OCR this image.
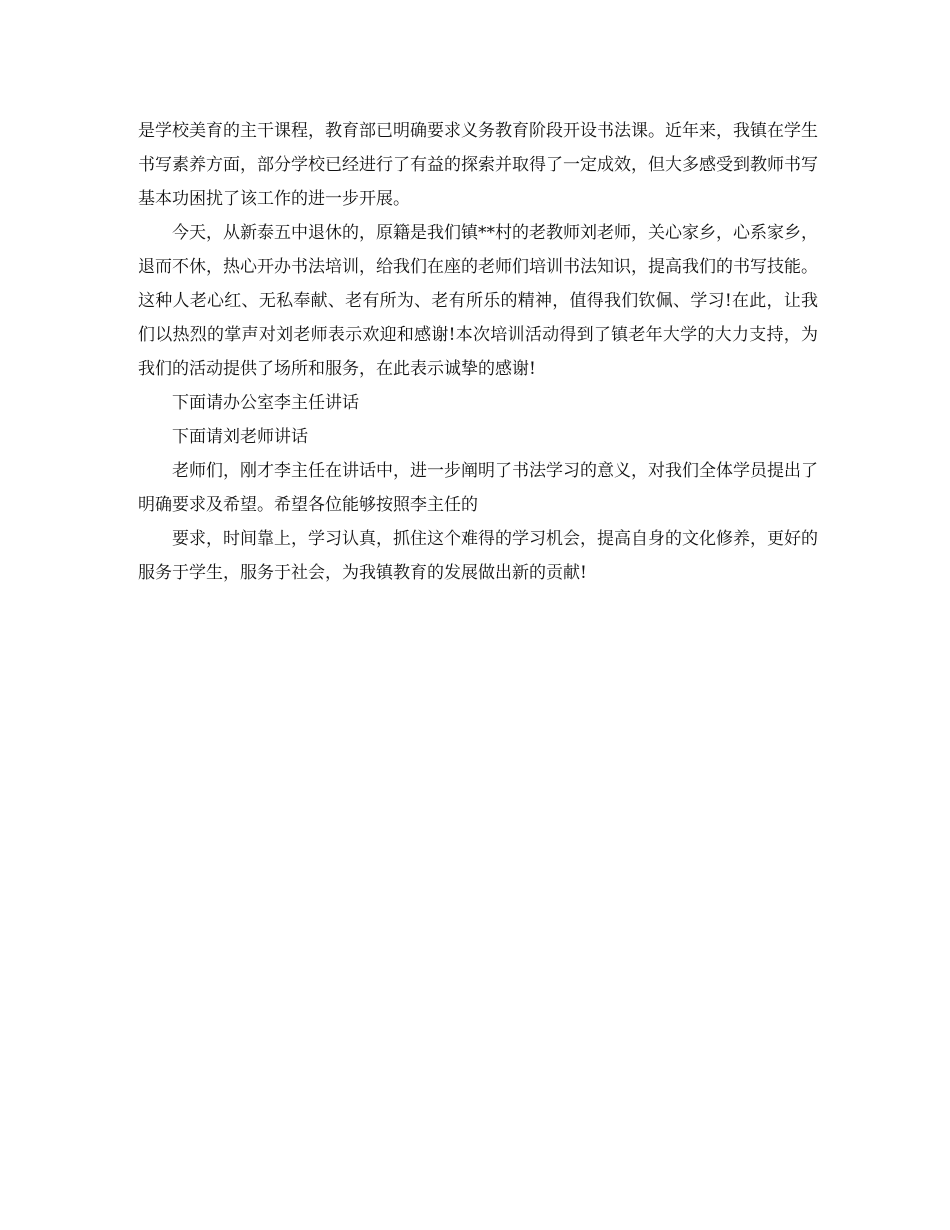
是学校美育的主干课程，教育部已明确要求义务教育阶段开设书法课。近年来，我镇在学生书写素养方面，部分学校已经进行了有益的探索并取得了一定成效，但大多感受到教师书写基本功困扰了该工作的进一步开展。

今天，从新泰五中退休的，原籍是我们镇**村的老教师刘老师，关心家乡，心系家乡，退而不休，热心开办书法培训，给我们在座的老师们培训书法知识，提高我们的书写技能。这种人老心红、无私奉献、老有所为、老有所乐的精神，值得我们钦佩、学习!在此，让我们以热烈的掌声对刘老师表示欢迎和感谢!本次培训活动得到了镇老年大学的大力支持，为我们的活动提供了场所和服务，在此表示诚挚的感谢!

下面请办公室李主任讲话

下面请刘老师讲话

老师们，刚才李主任在讲话中，进一步阐明了书法学习的意义，对我们全体学员提出了明确要求及希望。希望各位能够按照李主任的

要求，时间靠上，学习认真，抓住这个难得的学习机会，提高自身的文化修养，更好的服务于学生，服务于社会，为我镇教育的发展做出新的贡献!
